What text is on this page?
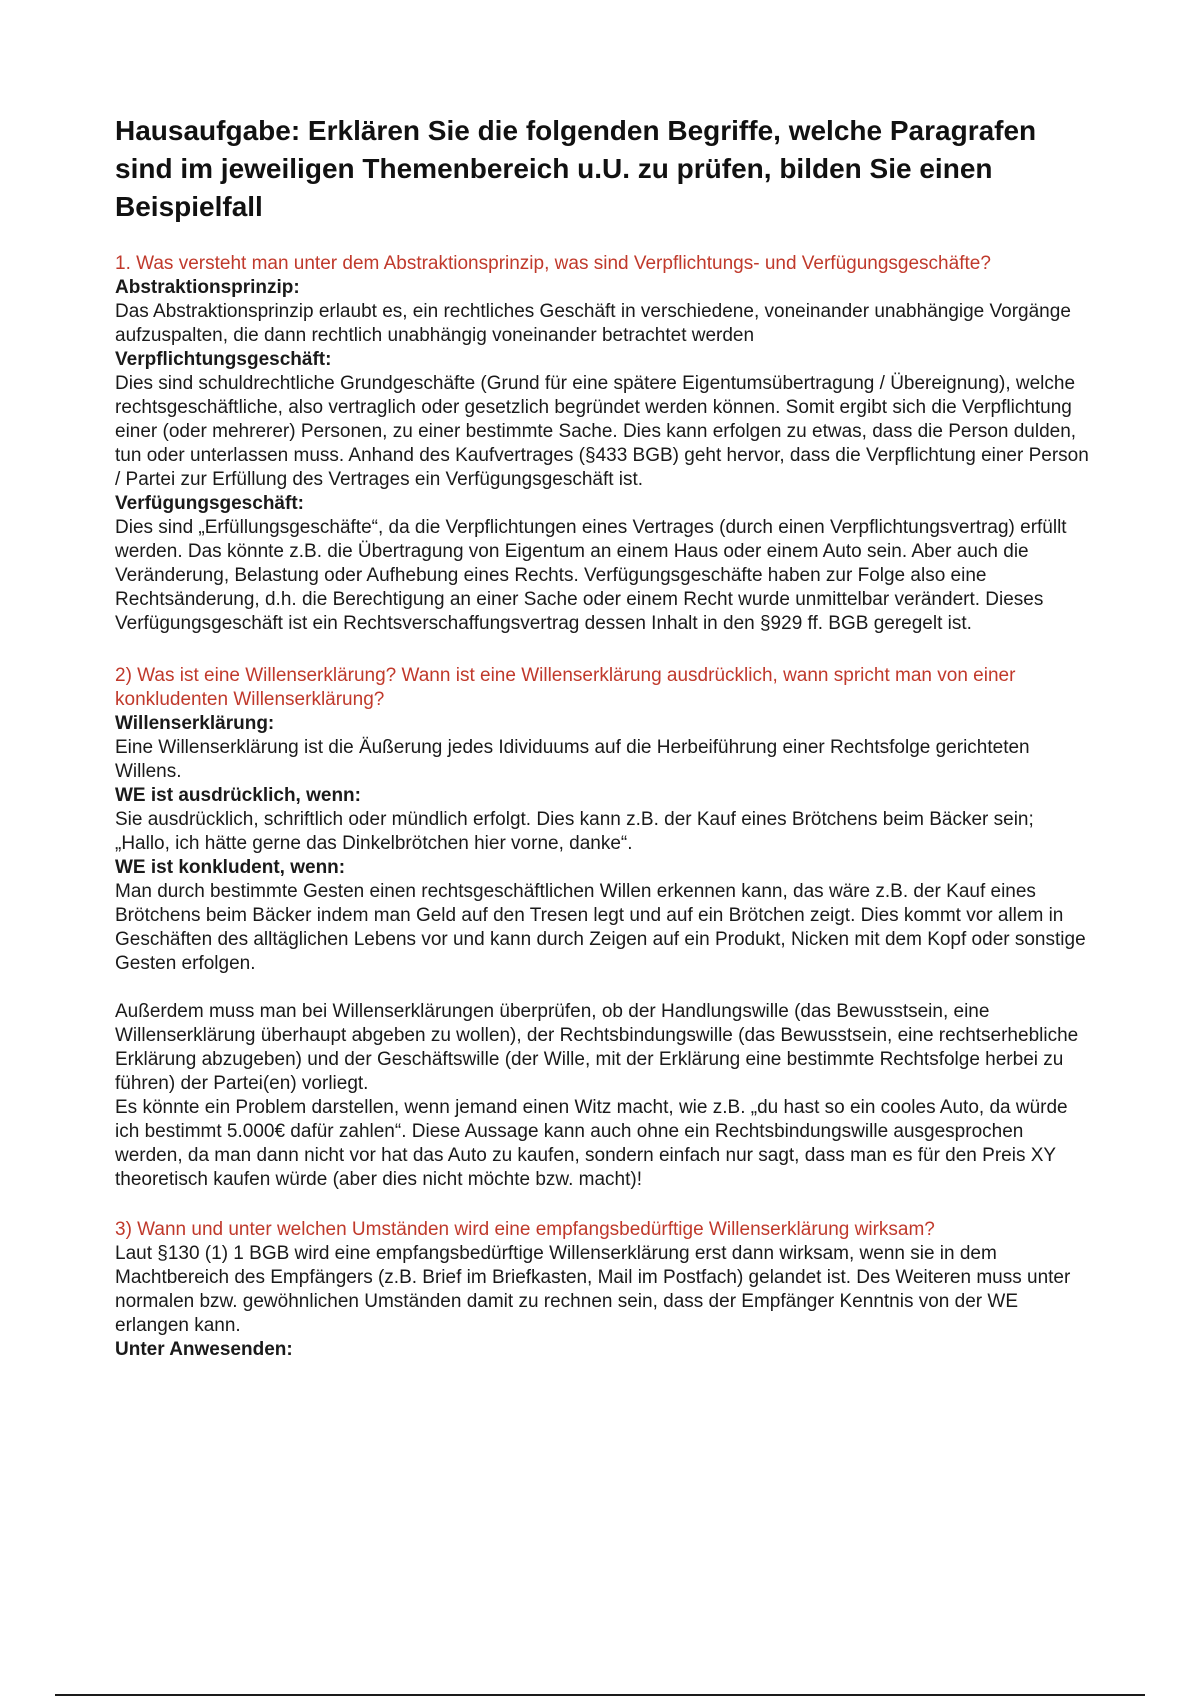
Hausaufgabe: Erklären Sie die folgenden Begriffe, welche Paragrafen sind im jeweiligen Themenbereich u.U. zu prüfen, bilden Sie einen Beispielfall

1. Was versteht man unter dem Abstraktionsprinzip, was sind Verpflichtungs- und Verfügungsgeschäfte?

Abstraktionsprinzip:

Das Abstraktionsprinzip erlaubt es, ein rechtliches Geschäft in verschiedene, voneinander unabhängige Vorgänge aufzuspalten, die dann rechtlich unabhängig voneinander betrachtet werden

Verpflichtungsgeschäft:

Dies sind schuldrechtliche Grundgeschäfte (Grund für eine spätere Eigentumsübertragung / Übereignung), welche rechtsgeschäftliche, also vertraglich oder gesetzlich begründet werden können. Somit ergibt sich die Verpflichtung einer (oder mehrerer) Personen, zu einer bestimmte Sache. Dies kann erfolgen zu etwas, dass die Person dulden, tun oder unterlassen muss. Anhand des Kaufvertrages (§433 BGB) geht hervor, dass die Verpflichtung einer Person / Partei zur Erfüllung des Vertrages ein Verfügungsgeschäft ist.

Verfügungsgeschäft:

Dies sind „Erfüllungsgeschäfte“, da die Verpflichtungen eines Vertrages (durch einen Verpflichtungsvertrag) erfüllt werden. Das könnte z.B. die Übertragung von Eigentum an einem Haus oder einem Auto sein. Aber auch die Veränderung, Belastung oder Aufhebung eines Rechts. Verfügungsgeschäfte haben zur Folge also eine Rechtsänderung, d.h. die Berechtigung an einer Sache oder einem Recht wurde unmittelbar verändert. Dieses Verfügungsgeschäft ist ein Rechtsverschaffungsvertrag dessen Inhalt in den §929 ff. BGB geregelt ist.

2) Was ist eine Willenserklärung? Wann ist eine Willenserklärung ausdrücklich, wann spricht man von einer konkludenten Willenserklärung?

Willenserklärung:

Eine Willenserklärung ist die Äußerung jedes Idividuums auf die Herbeiführung einer Rechtsfolge gerichteten Willens.

WE ist ausdrücklich, wenn:

Sie ausdrücklich, schriftlich oder mündlich erfolgt. Dies kann z.B. der Kauf eines Brötchens beim Bäcker sein; „Hallo, ich hätte gerne das Dinkelbrötchen hier vorne, danke“.

WE ist konkludent, wenn:

Man durch bestimmte Gesten einen rechtsgeschäftlichen Willen erkennen kann, das wäre z.B. der Kauf eines Brötchens beim Bäcker indem man Geld auf den Tresen legt und auf ein Brötchen zeigt. Dies kommt vor allem in Geschäften des alltäglichen Lebens vor und kann durch Zeigen auf ein Produkt, Nicken mit dem Kopf oder sonstige Gesten erfolgen.

Außerdem muss man bei Willenserklärungen überprüfen, ob der Handlungswille (das Bewusstsein, eine Willenserklärung überhaupt abgeben zu wollen), der Rechtsbindungswille (das Bewusstsein, eine rechtserhebliche Erklärung abzugeben) und der Geschäftswille (der Wille, mit der Erklärung eine bestimmte Rechtsfolge herbei zu führen) der Partei(en) vorliegt.

Es könnte ein Problem darstellen, wenn jemand einen Witz macht, wie z.B. „du hast so ein cooles Auto, da würde ich bestimmt 5.000€ dafür zahlen“. Diese Aussage kann auch ohne ein Rechtsbindungswille ausgesprochen werden, da man dann nicht vor hat das Auto zu kaufen, sondern einfach nur sagt, dass man es für den Preis XY theoretisch kaufen würde (aber dies nicht möchte bzw. macht)!

3) Wann und unter welchen Umständen wird eine empfangsbedürftige Willenserklärung wirksam?

Laut §130 (1) 1 BGB wird eine empfangsbedürftige Willenserklärung erst dann wirksam, wenn sie in dem Machtbereich des Empfängers (z.B. Brief im Briefkasten, Mail im Postfach) gelandet ist. Des Weiteren muss unter normalen bzw. gewöhnlichen Umständen damit zu rechnen sein, dass der Empfänger Kenntnis von der WE erlangen kann.

Unter Anwesenden:
